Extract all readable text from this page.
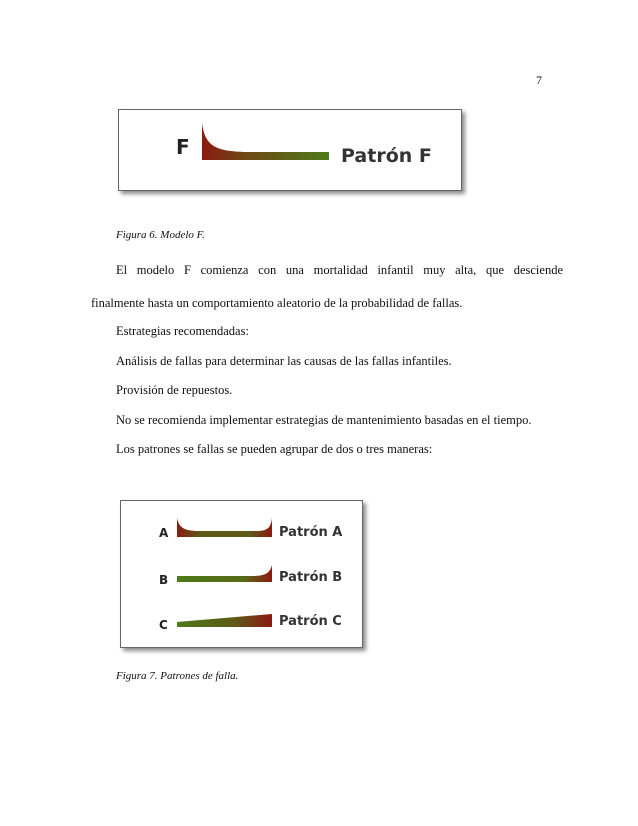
7
F	Patrón F
Figura 6. Modelo F.
El modelo F comienza con una mortalidad infantil muy alta, que desciende
finalmente hasta un comportamiento aleatorio de la probabilidad de fallas.
Estrategias recomendadas:
Análisis de fallas para determinar las causas de las fallas infantiles.
Provisión de repuestos.
No se recomienda implementar estrategias de mantenimiento basadas en el tiempo.
Los patrones se fallas se pueden agrupar de dos o tres maneras:
A	Patrón A
B	Patrón B
C	Patrón C
Figura 7. Patrones de falla.
